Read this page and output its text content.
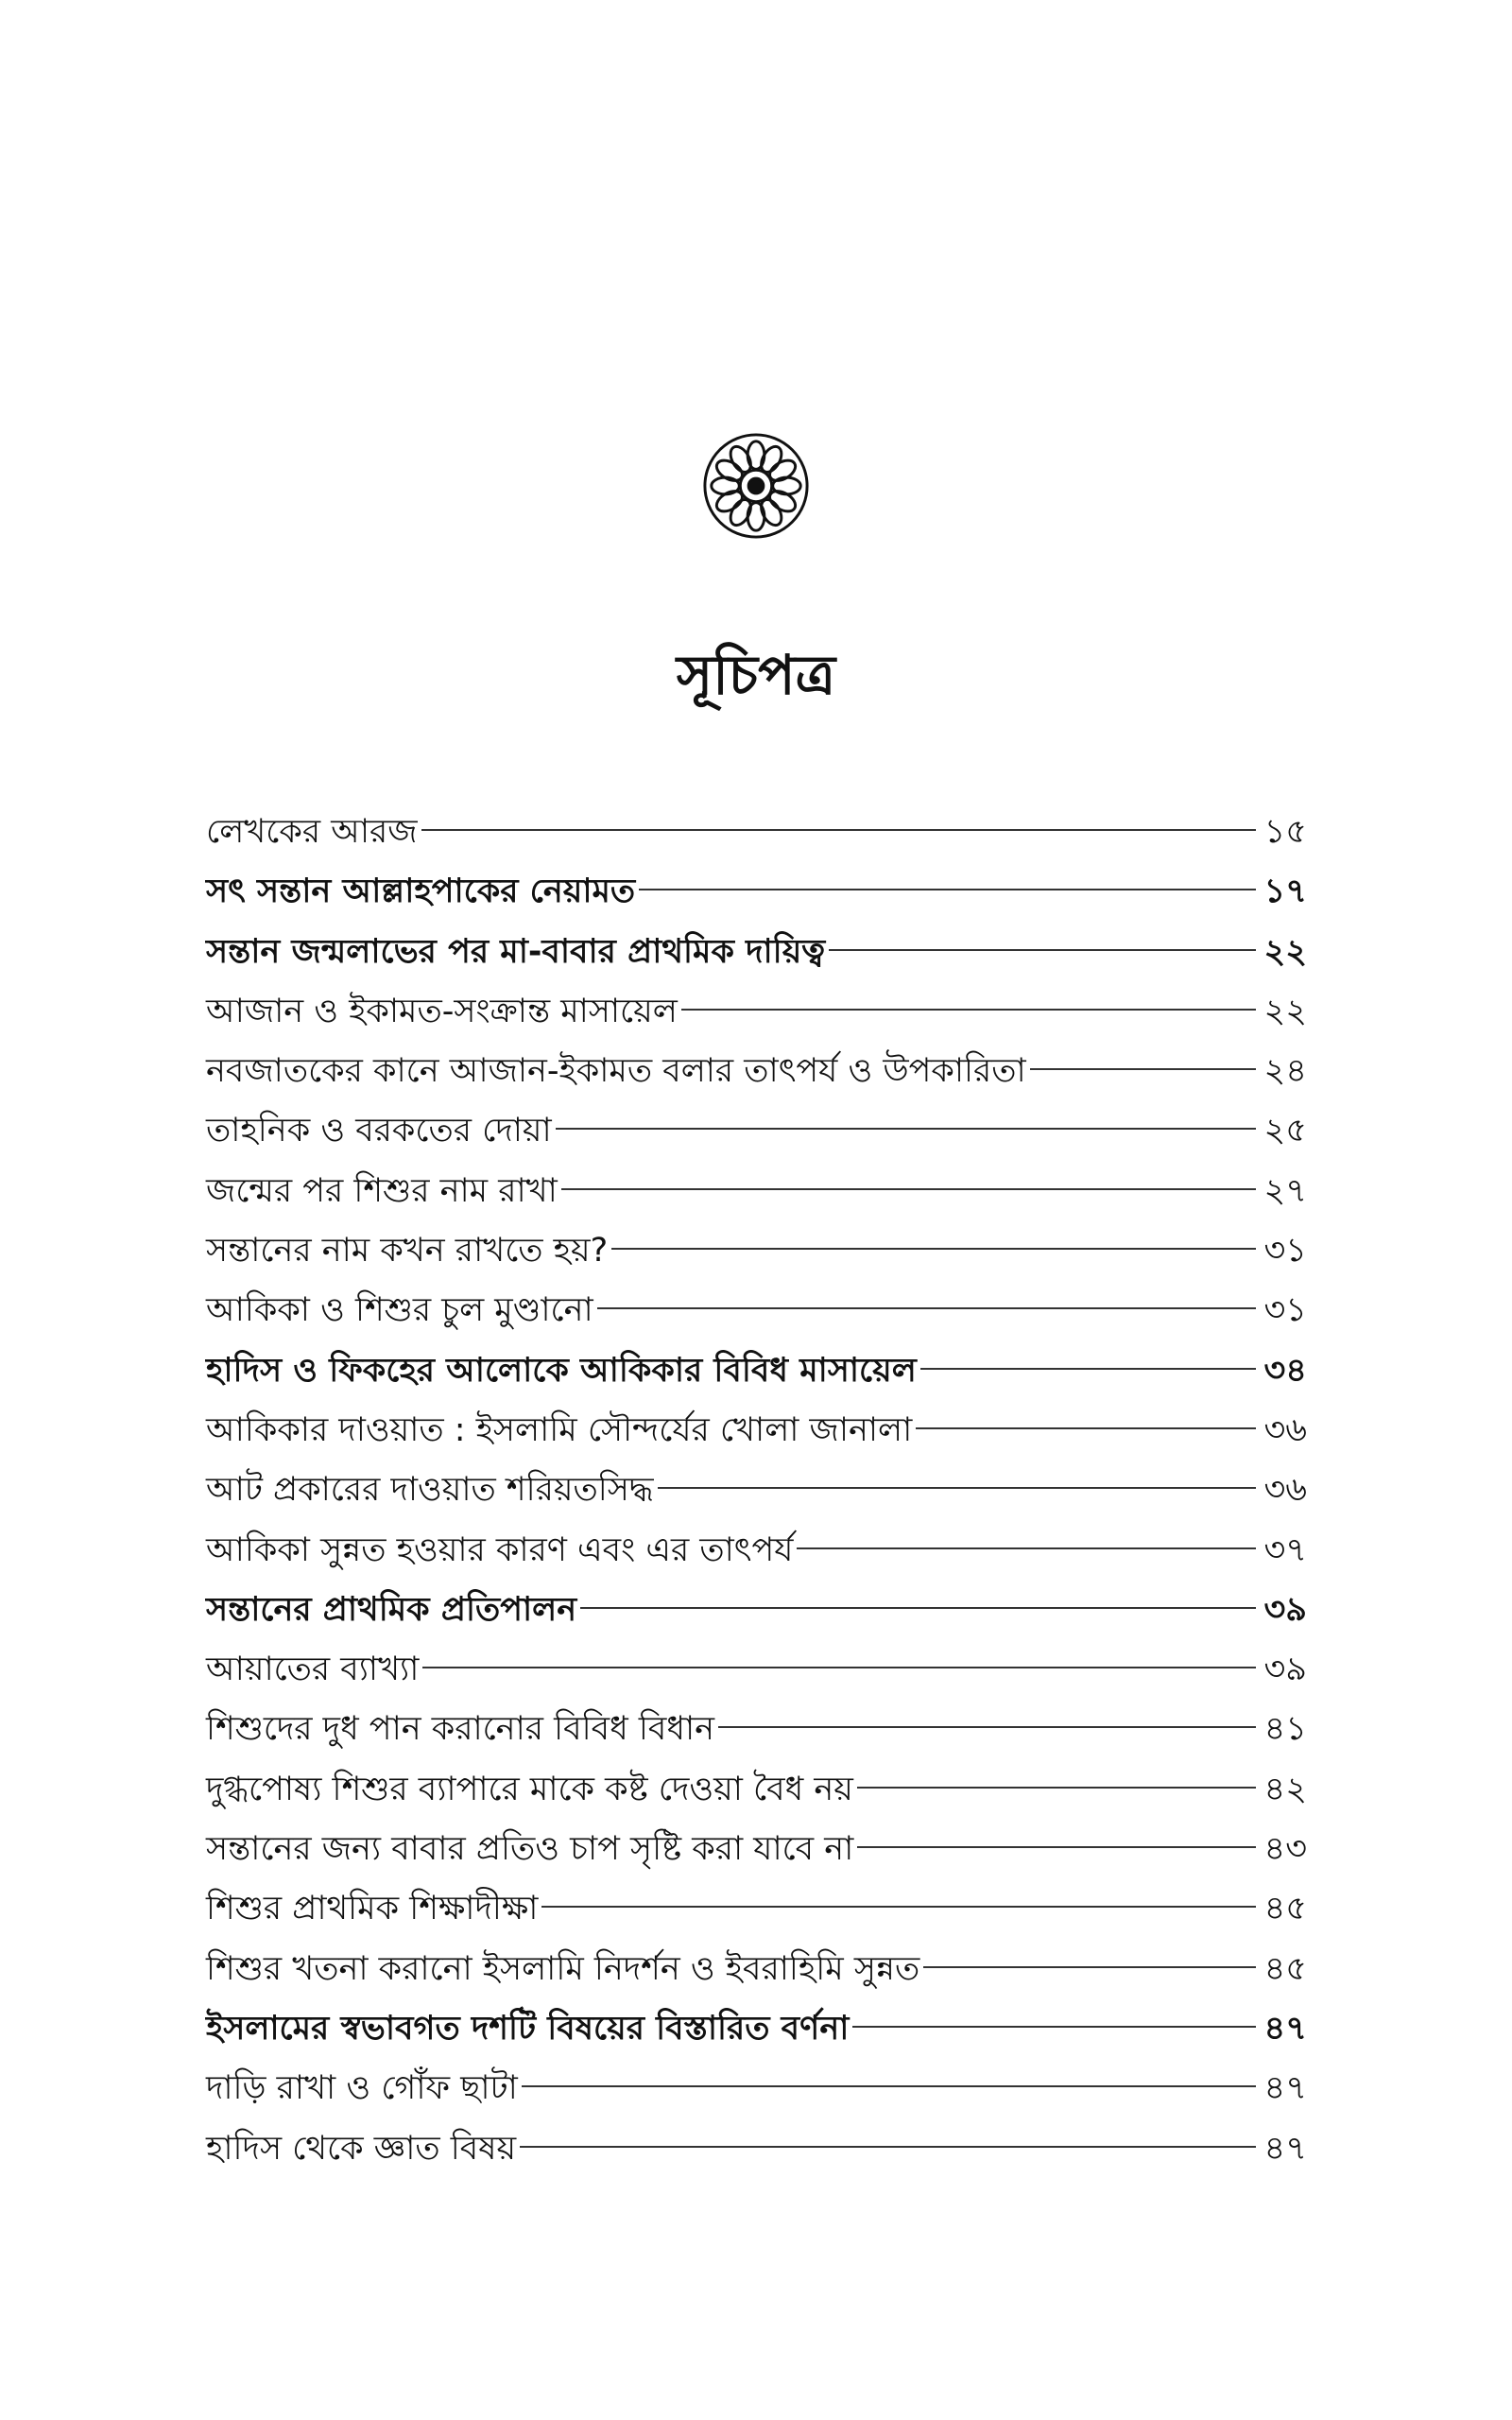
সূচিপত্র
লেখকের আরজ	১৫
সৎ সন্তান আল্লাহপাকের নেয়ামত	১৭
সন্তান জন্মলাভের পর মা-বাবার প্রাথমিক দায়িত্ব	২২
আজান ও ইকামত-সংক্রান্ত মাসায়েল	২২
নবজাতকের কানে আজান-ইকামত বলার তাৎপর্য ও উপকারিতা	২৪
তাহনিক ও বরকতের দোয়া	২৫
জন্মের পর শিশুর নাম রাখা	২৭
সন্তানের নাম কখন রাখতে হয়?	৩১
আকিকা ও শিশুর চুল মুণ্ডানো	৩১
হাদিস ও ফিকহের আলোকে আকিকার বিবিধ মাসায়েল	৩৪
আকিকার দাওয়াত : ইসলামি সৌন্দর্যের খোলা জানালা	৩৬
আট প্রকারের দাওয়াত শরিয়তসিদ্ধ	৩৬
আকিকা সুন্নত হওয়ার কারণ এবং এর তাৎপর্য	৩৭
সন্তানের প্রাথমিক প্রতিপালন	৩৯
আয়াতের ব্যাখ্যা	৩৯
শিশুদের দুধ পান করানোর বিবিধ বিধান	৪১
দুগ্ধপোষ্য শিশুর ব্যাপারে মাকে কষ্ট দেওয়া বৈধ নয়	৪২
সন্তানের জন্য বাবার প্রতিও চাপ সৃষ্টি করা যাবে না	৪৩
শিশুর প্রাথমিক শিক্ষাদীক্ষা	৪৫
শিশুর খতনা করানো ইসলামি নিদর্শন ও ইবরাহিমি সুন্নত	৪৫
ইসলামের স্বভাবগত দশটি বিষয়ের বিস্তারিত বর্ণনা	৪৭
দাড়ি রাখা ও গোঁফ ছাটা	৪৭
হাদিস থেকে জ্ঞাত বিষয়	৪৭
